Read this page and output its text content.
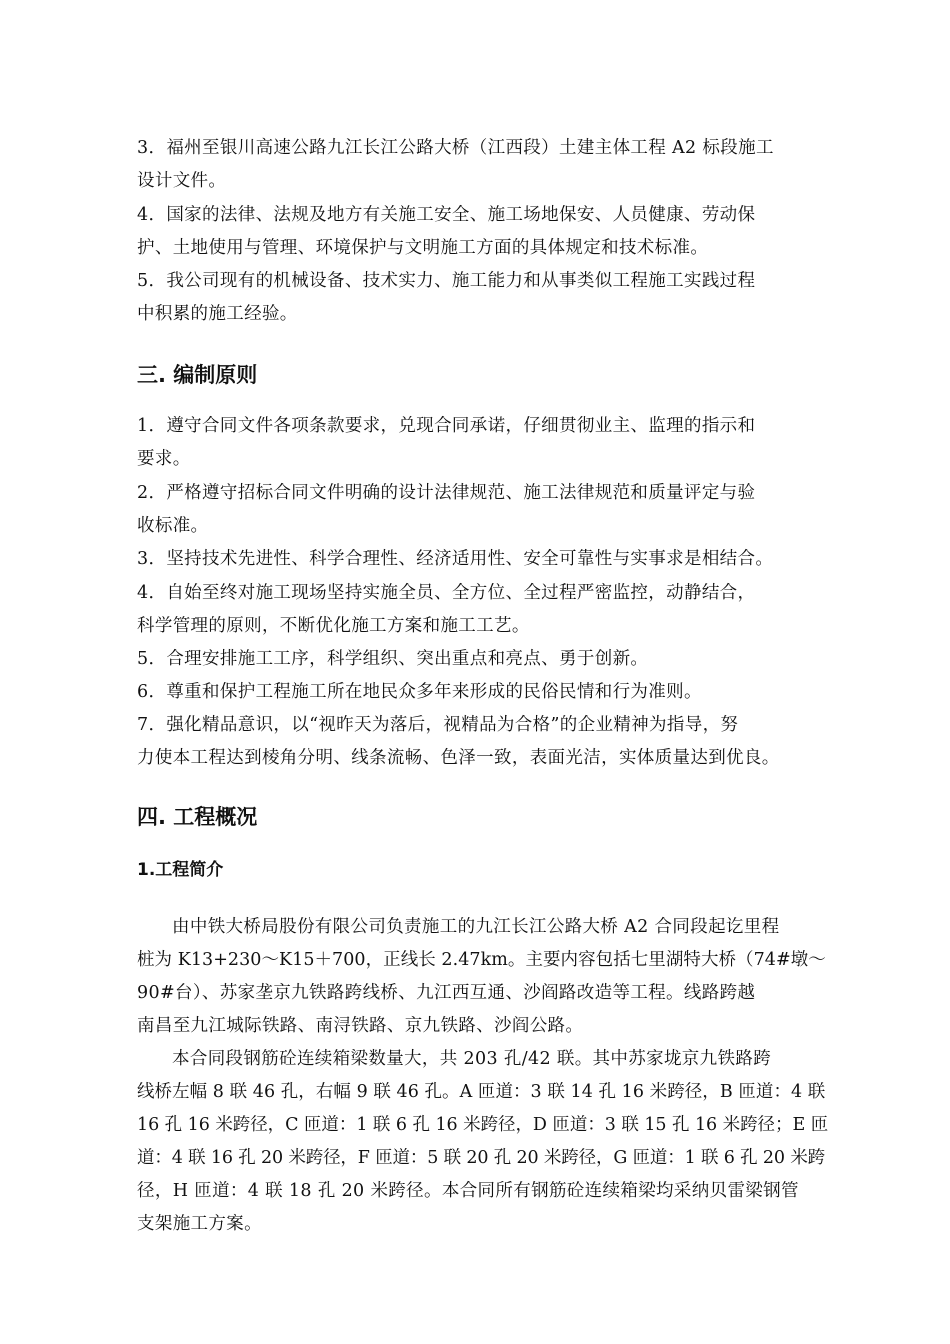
3．福州至银川高速公路九江长江公路大桥（江西段）土建主体工程 A2 标段施工
设计文件。
4．国家的法律、法规及地方有关施工安全、施工场地保安、人员健康、劳动保
护、土地使用与管理、环境保护与文明施工方面的具体规定和技术标准。
5．我公司现有的机械设备、技术实力、施工能力和从事类似工程施工实践过程
中积累的施工经验。
三. 编制原则
1．遵守合同文件各项条款要求，兑现合同承诺，仔细贯彻业主、监理的指示和
要求。
2．严格遵守招标合同文件明确的设计法律规范、施工法律规范和质量评定与验
收标准。
3．坚持技术先进性、科学合理性、经济适用性、安全可靠性与实事求是相结合。
4．自始至终对施工现场坚持实施全员、全方位、全过程严密监控，动静结合，
科学管理的原则，不断优化施工方案和施工工艺。
5．合理安排施工工序，科学组织、突出重点和亮点、勇于创新。
6．尊重和保护工程施工所在地民众多年来形成的民俗民情和行为准则。
7．强化精品意识，以“视昨天为落后，视精品为合格”的企业精神为指导，努
力使本工程达到棱角分明、线条流畅、色泽一致，表面光洁，实体质量达到优良。
四. 工程概况
1.工程简介
由中铁大桥局股份有限公司负责施工的九江长江公路大桥 A2 合同段起讫里程
桩为 K13+230～K15＋700，正线长 2.47km。主要内容包括七里湖特大桥（74#墩～
90#台）、苏家垄京九铁路跨线桥、九江西互通、沙阎路改造等工程。线路跨越
南昌至九江城际铁路、南浔铁路、京九铁路、沙阎公路。
本合同段钢筋砼连续箱梁数量大，共 203 孔/42 联。其中苏家垅京九铁路跨
线桥左幅 8 联 46 孔，右幅 9 联 46 孔。A 匝道：3 联 14 孔 16 米跨径，B 匝道：4 联
16 孔 16 米跨径，C 匝道：1 联 6 孔 16 米跨径，D 匝道：3 联 15 孔 16 米跨径；E 匝
道：4 联 16 孔 20 米跨径，F 匝道：5 联 20 孔 20 米跨径，G 匝道：1 联 6 孔 20 米跨
径，H 匝道：4 联 18 孔 20 米跨径。本合同所有钢筋砼连续箱梁均采纳贝雷梁钢管
支架施工方案。
